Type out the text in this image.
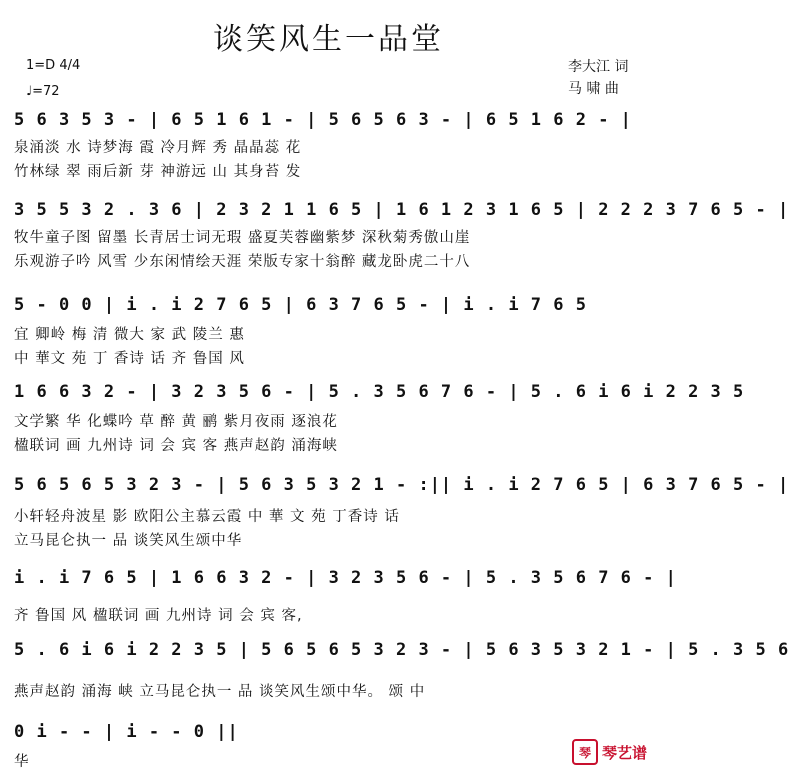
谈笑风生一品堂
李大江 词
马 啸 曲
1=D 4/4
♩=72
5 6 3 5 3 - | 6 5 1 6 1 - | 5 6 5 6 3 - | 6 5 1 6 2 - |
泉涌淡 水 诗梦海 霞 冷月辉 秀 晶晶蕊 花
竹林绿 翠 雨后新 芽 神游远 山 其身苔 发
3 5 5 3 2 . 3 6 | 2 3 2 1 1 6 5 | 1 6 1 2 3 1 6 5 | 2 2 2 3 7 6 5 - |
牧牛童子图 留墨 长青居士词无瑕 盛夏芙蓉幽紫梦 深秋菊秀傲山崖
乐观游子吟 风雪 少东闲情绘天涯 荣版专家十翁醉 藏龙卧虎二十八
5 - 0 0 | i . i 2 7 6 5 | 6 3 7 6 5 - | i . i 7 6 5
宜 卿岭 梅 清 微大 家 武 陵兰 惠
中 華文 苑 丁 香诗 话 齐 鲁国 风
1 6 6 3 2 - | 3 2 3 5 6 - | 5 . 3 5 6 7 6 - | 5 . 6 i 6 i 2 2 3 5
文学繁 华 化蝶吟 草 醉 黄 鹂 紫月夜雨 逐浪花
楹联词 画 九州诗 词 会 宾 客 燕声赵韵 涌海峡
5 6 5 6 5 3 2 3 - | 5 6 3 5 3 2 1 - :|| i . i 2 7 6 5 | 6 3 7 6 5 - |
小轩轻舟波星 影 欧阳公主慕云霞 中 華 文 苑 丁香诗 话
立马昆仑执一 品 谈笑风生颂中华
i . i 7 6 5 | 1 6 6 3 2 - | 3 2 3 5 6 - | 5 . 3 5 6 7 6 - |
齐 鲁国 风 楹联词 画 九州诗 词 会 宾 客,
5 . 6 i 6 i 2 2 3 5 | 5 6 5 6 5 3 2 3 - | 5 6 3 5 3 2 1 - | 5 . 3 5 6
燕声赵韵 涌海 峡 立马昆仑执一 品 谈笑风生颂中华。 颂 中
0 i - - | i - - 0 ||
华
琴 琴艺谱
